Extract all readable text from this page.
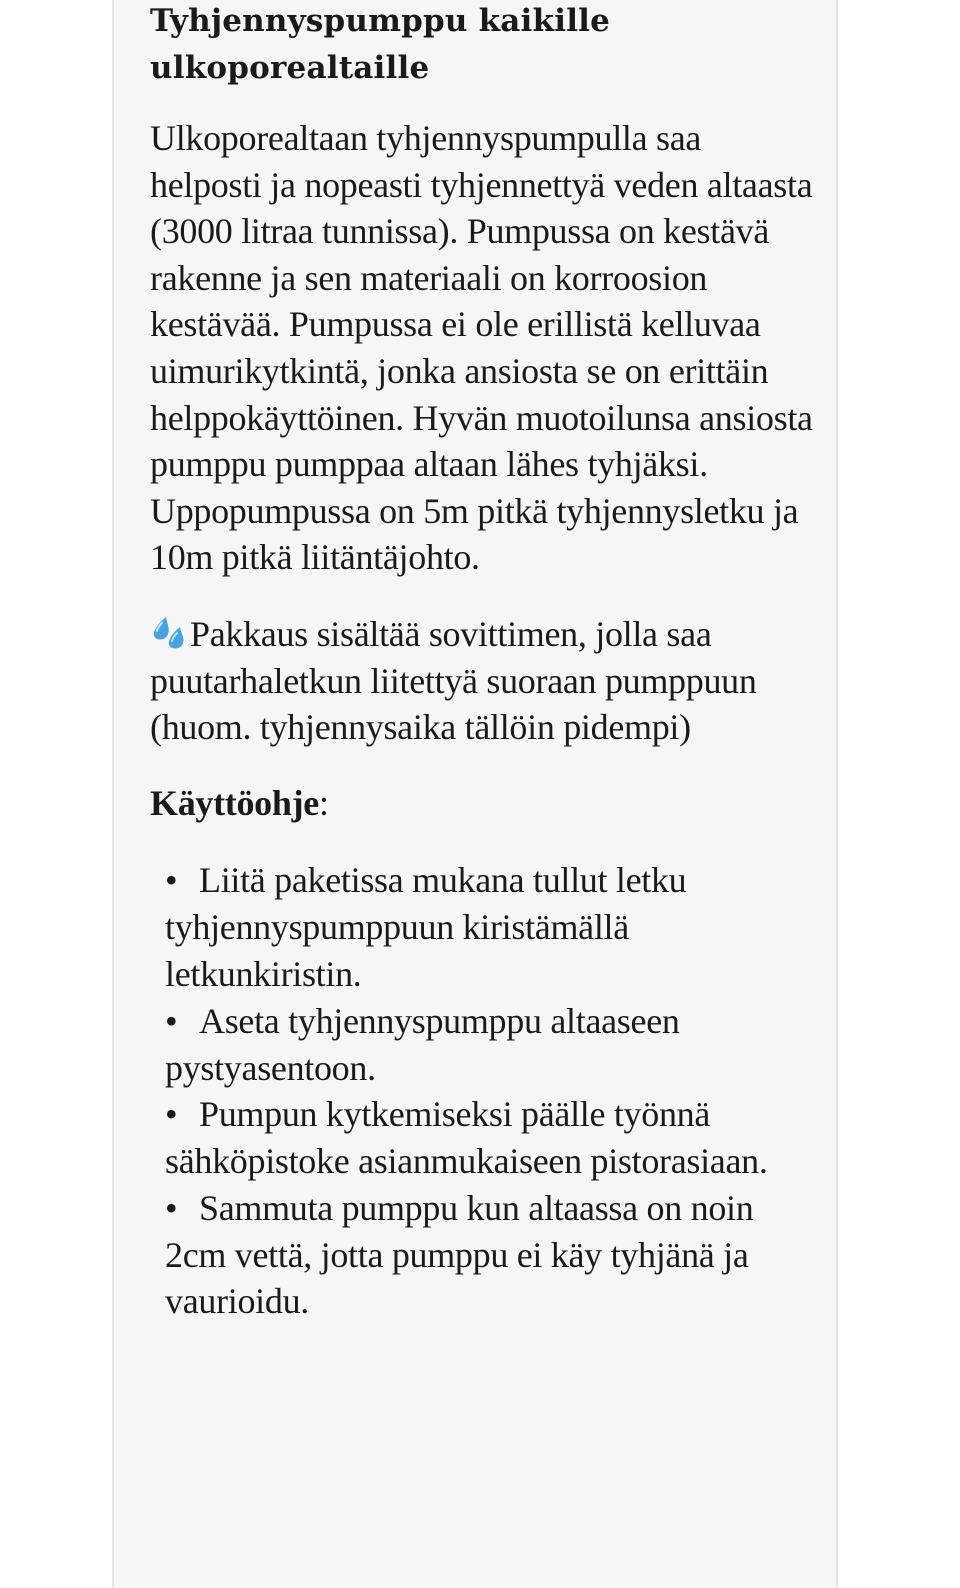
Tyhjennyspumppu kaikille ulkoporealtaille

Ulkoporealtaan tyhjennyspumpulla saa helposti ja nopeasti tyhjennettyä veden altaasta (3000 litraa tunnissa). Pumpussa on kestävä rakenne ja sen materiaali on korroosion kestävää. Pumpussa ei ole erillistä kelluvaa uimurikytkintä, jonka ansiosta se on erittäin helppokäyttöinen. Hyvän muotoilunsa ansiosta pumppu pumppaa altaan lähes tyhjäksi. Uppopumpussa on 5m pitkä tyhjennysletku ja 10m pitkä liitäntäjohto.

Pakkaus sisältää sovittimen, jolla saa puutarhaletkun liitettyä suoraan pumppuun (huom. tyhjennysaika tällöin pidempi)

Käyttöohje:

• Liitä paketissa mukana tullut letku tyhjennyspumppuun kiristämällä letkunkiristin.
• Aseta tyhjennyspumppu altaaseen pystyasentoon.
• Pumpun kytkemiseksi päälle työnnä sähköpistoke asianmukaiseen pistorasiaan.
• Sammuta pumppu kun altaassa on noin 2cm vettä, jotta pumppu ei käy tyhjänä ja vaurioidu.
